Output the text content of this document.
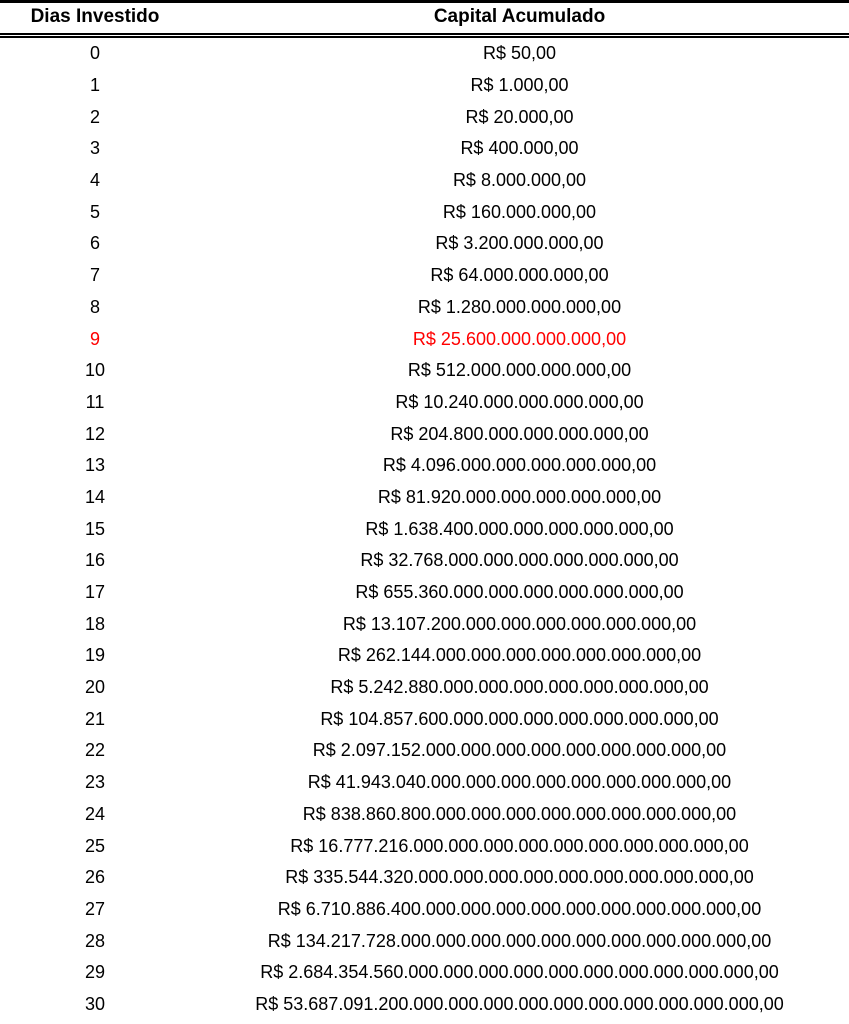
Dias Investido	Capital Acumulado
0	R$ 50,00
1	R$ 1.000,00
2	R$ 20.000,00
3	R$ 400.000,00
4	R$ 8.000.000,00
5	R$ 160.000.000,00
6	R$ 3.200.000.000,00
7	R$ 64.000.000.000,00
8	R$ 1.280.000.000.000,00
9	R$ 25.600.000.000.000,00
10	R$ 512.000.000.000.000,00
11	R$ 10.240.000.000.000.000,00
12	R$ 204.800.000.000.000.000,00
13	R$ 4.096.000.000.000.000.000,00
14	R$ 81.920.000.000.000.000.000,00
15	R$ 1.638.400.000.000.000.000.000,00
16	R$ 32.768.000.000.000.000.000.000,00
17	R$ 655.360.000.000.000.000.000.000,00
18	R$ 13.107.200.000.000.000.000.000.000,00
19	R$ 262.144.000.000.000.000.000.000.000,00
20	R$ 5.242.880.000.000.000.000.000.000.000,00
21	R$ 104.857.600.000.000.000.000.000.000.000,00
22	R$ 2.097.152.000.000.000.000.000.000.000.000,00
23	R$ 41.943.040.000.000.000.000.000.000.000.000,00
24	R$ 838.860.800.000.000.000.000.000.000.000.000,00
25	R$ 16.777.216.000.000.000.000.000.000.000.000.000,00
26	R$ 335.544.320.000.000.000.000.000.000.000.000.000,00
27	R$ 6.710.886.400.000.000.000.000.000.000.000.000.000,00
28	R$ 134.217.728.000.000.000.000.000.000.000.000.000.000,00
29	R$ 2.684.354.560.000.000.000.000.000.000.000.000.000.000,00
30	R$ 53.687.091.200.000.000.000.000.000.000.000.000.000.000,00
